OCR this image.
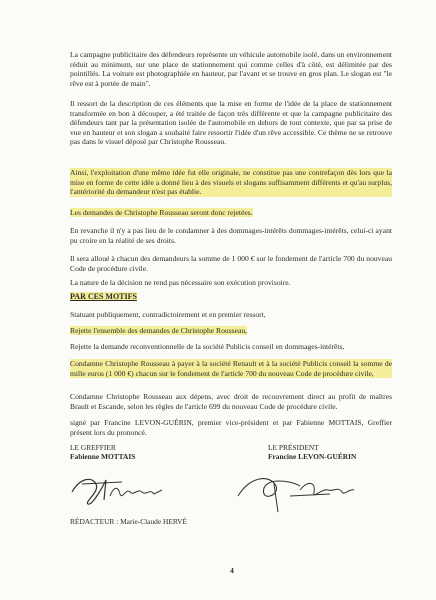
La campagne publicitaire des défendeurs représente un véhicule automobile isolé, dans un environnement réduit au minimum, sur une place de stationnement qui comme celles d'à côté, est délimitée par des pointillés. La voiture est photographiée en hauteur, par l'avant et se trouve en gros plan. Le slogan est "le rêve est à portée de main".

Il ressort de la description de ces éléments que la mise en forme de l'idée de la place de stationnement transformée en bon à découper, a été traitée de façon très différente et que la campagne publicitaire des défendeurs tant par la présentation isolée de l'automobile en dehors de tout contexte, que par sa prise de vue en hauteur et son slogan a souhaité faire ressortir l'idée d'un rêve accessible. Ce thème ne se retrouve pas dans le visuel déposé par Christophe Rousseau.

Ainsi, l'exploitation d'une même idée fut elle originale, ne constitue pas une contrefaçon dès lors que la mise en forme de cette idée a donné lieu à des visuels et slogans suffisamment différents et qu'au surplus, l'antériorité du demandeur n'est pas établie.

Les demandes de Christophe Rousseau seront donc rejetées.

En revanche il n'y a pas lieu de le condamner à des dommages-intérêts dommages-intérêts, celui-ci ayant pu croire en la réalité de ses droits.

Il sera alloué à chacun des demandeurs la somme de 1 000 € sur le fondement de l'article 700 du nouveau Code de procédure civile.

La nature de la décision ne rend pas nécessaire son exécution provisoire.

PAR CES MOTIFS

Statuant publiquement, contradictoirement et en premier ressort,

Rejette l'ensemble des demandes de Christophe Rousseau,

Rejette la demande reconventionnelle de la société Publicis conseil en dommages-intérêts,

Condamne Christophe Rousseau à payer à la société Renault et à la société Publicis conseil la somme de mille euros (1 000 €) chacun sur le fondement de l'article 700 du nouveau Code de procédure civile,

Condamne Christophe Rousseau aux dépens, avec droit de recouvrement direct au profit de maîtres Brault et Escande, selon les règles de l'article 699 du nouveau Code de procédure civile.

signé par Francine LEVON-GUÉRIN, premier vice-président et par Fabienne MOTTAIS, Greffier présent lors du prononcé.

LE GREFFIER
Fabienne MOTTAIS
LE PRÉSIDENT
Francine LEVON-GUÉRIN

RÉDACTEUR : Marie-Claude HERVÉ

4
